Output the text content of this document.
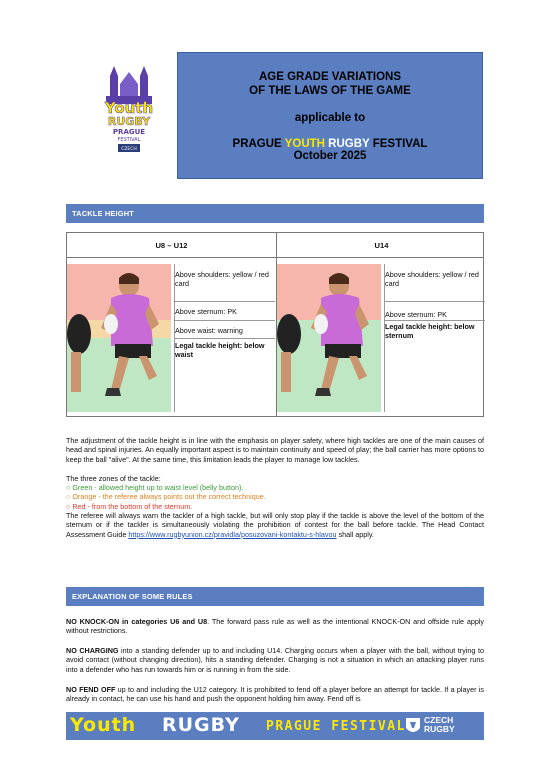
Youth
RUGBY
PRAGUE
FESTIVAL
CZECH
AGE GRADE VARIATIONS
OF THE LAWS OF THE GAME
applicable to
PRAGUE YOUTH RUGBY FESTIVAL
October 2025
TACKLE HEIGHT
U8 – U12	U14
Above shoulders: yellow / red card
Above sternum: PK
Above waist: warning
Legal tackle height: below waist
Above shoulders: yellow / red card
Above sternum: PK
Legal tackle height: below sternum
The adjustment of the tackle height is in line with the emphasis on player safety, where high tackles are one of the main causes of head and spinal injuries. An equally important aspect is to maintain continuity and speed of play; the ball carrier has more options to keep the ball "alive". At the same time, this limitation leads the player to manage low tackles.
The three zones of the tackle:
○ Green - allowed height up to waist level (belly button).
○ Orange - the referee always points out the correct technique.
○ Red - from the bottom of the sternum.
The referee will always warn the tackler of a high tackle, but will only stop play if the tackle is above the level of the bottom of the sternum or if the tackler is simultaneously violating the prohibition of contest for the ball before tackle. The Head Contact Assessment Guide https://www.rugbyunion.cz/pravidla/posuzovani-kontaktu-s-hlavou shall apply.
EXPLANATION OF SOME RULES
NO KNOCK-ON in categories U6 and U8. The forward pass rule as well as the intentional KNOCK-ON and offside rule apply without restrictions.
NO CHARGING into a standing defender up to and including U14. Charging occurs when a player with the ball, without trying to avoid contact (without changing direction), hits a standing defender. Charging is not a situation in which an attacking player runs into a defender who has run towards him or is running in from the side.
NO FEND OFF up to and including the U12 category. It is prohibited to fend off a player before an attempt for tackle. If a player is already in contact, he can use his hand and push the opponent holding him away. Fend off is
Youth RUGBY PRAGUE FESTIVAL CZECH
RUGBY
